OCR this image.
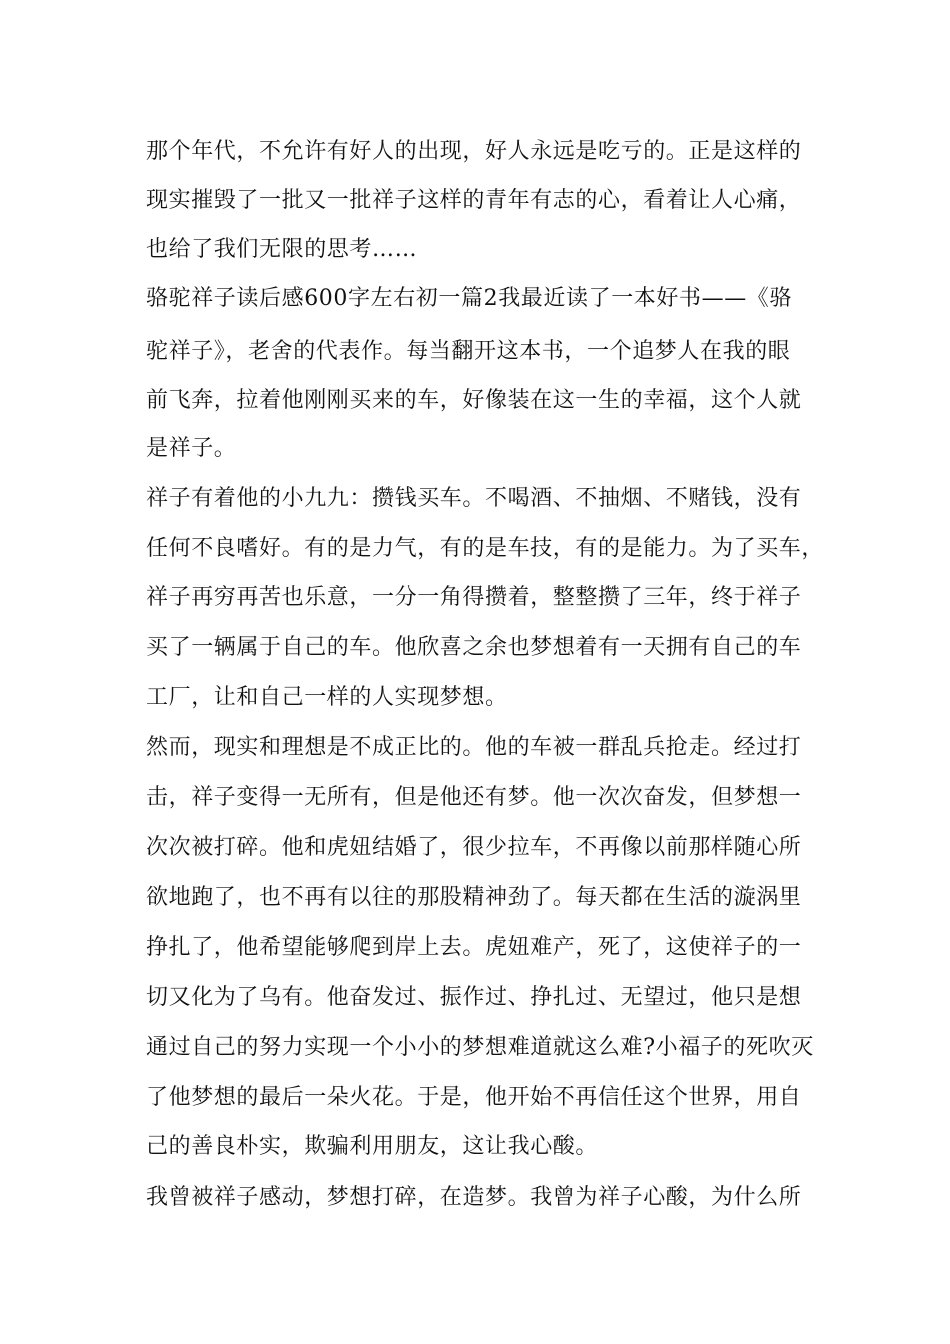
那个年代，不允许有好人的出现，好人永远是吃亏的。正是这样的
现实摧毁了一批又一批祥子这样的青年有志的心，看着让人心痛，
也给了我们无限的思考……
骆驼祥子读后感600字左右初一篇2我最近读了一本好书——《骆
驼祥子》，老舍的代表作。每当翻开这本书，一个追梦人在我的眼
前飞奔，拉着他刚刚买来的车，好像装在这一生的幸福，这个人就
是祥子。
祥子有着他的小九九：攒钱买车。不喝酒、不抽烟、不赌钱，没有
任何不良嗜好。有的是力气，有的是车技，有的是能力。为了买车，
祥子再穷再苦也乐意，一分一角得攒着，整整攒了三年，终于祥子
买了一辆属于自己的车。他欣喜之余也梦想着有一天拥有自己的车
工厂，让和自己一样的人实现梦想。
然而，现实和理想是不成正比的。他的车被一群乱兵抢走。经过打
击，祥子变得一无所有，但是他还有梦。他一次次奋发，但梦想一
次次被打碎。他和虎妞结婚了，很少拉车，不再像以前那样随心所
欲地跑了，也不再有以往的那股精神劲了。每天都在生活的漩涡里
挣扎了，他希望能够爬到岸上去。虎妞难产，死了，这使祥子的一
切又化为了乌有。他奋发过、振作过、挣扎过、无望过，他只是想
通过自己的努力实现一个小小的梦想难道就这么难?小福子的死吹灭
了他梦想的最后一朵火花。于是，他开始不再信任这个世界，用自
己的善良朴实，欺骗利用朋友，这让我心酸。
我曾被祥子感动，梦想打碎，在造梦。我曾为祥子心酸，为什么所
